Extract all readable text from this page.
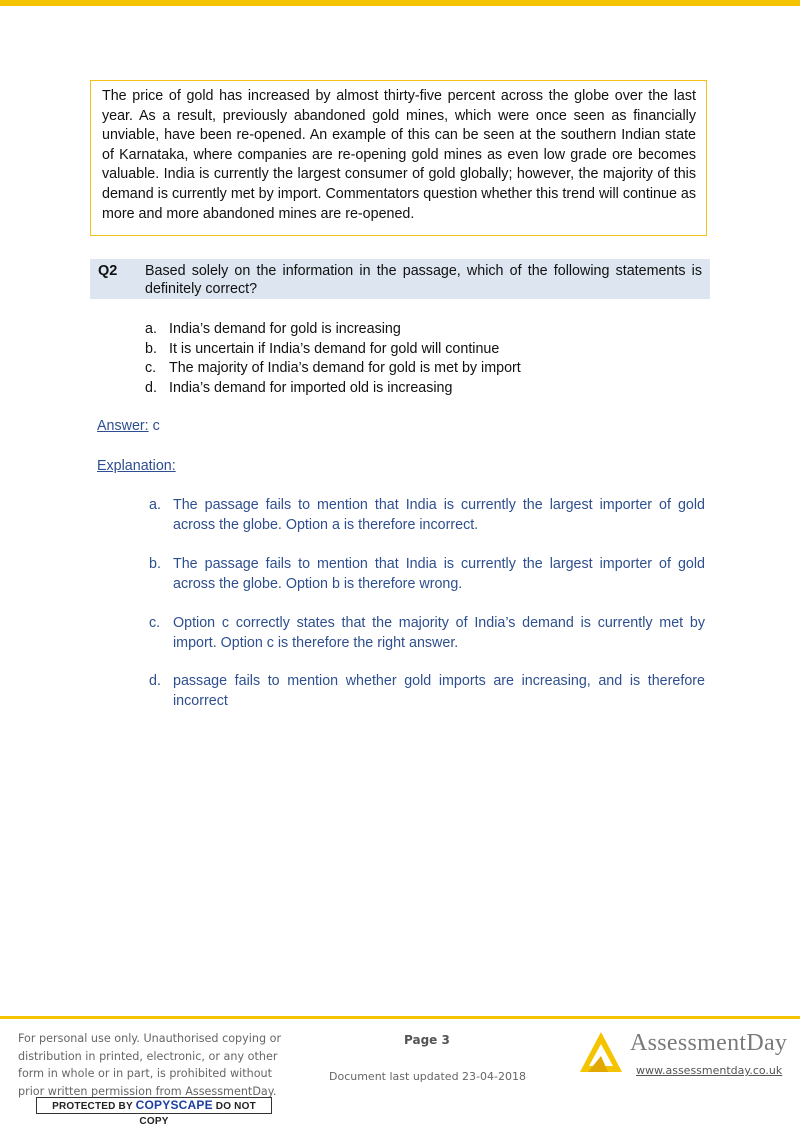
The price of gold has increased by almost thirty-five percent across the globe over the last year. As a result, previously abandoned gold mines, which were once seen as financially unviable, have been re-opened. An example of this can be seen at the southern Indian state of Karnataka, where companies are re-opening gold mines as even low grade ore becomes valuable. India is currently the largest consumer of gold globally; however, the majority of this demand is currently met by import. Commentators question whether this trend will continue as more and more abandoned mines are re-opened.

Q2 Based solely on the information in the passage, which of the following statements is definitely correct?
a. India’s demand for gold is increasing
b. It is uncertain if India’s demand for gold will continue
c. The majority of India’s demand for gold is met by import
d. India’s demand for imported old is increasing
Answer: c
Explanation:
a. The passage fails to mention that India is currently the largest importer of gold across the globe. Option a is therefore incorrect.
b. The passage fails to mention that India is currently the largest importer of gold across the globe. Option b is therefore wrong.
c. Option c correctly states that the majority of India’s demand is currently met by import. Option c is therefore the right answer.
d. passage fails to mention whether gold imports are increasing, and is therefore incorrect
For personal use only. Unauthorised copying or distribution in printed, electronic, or any other form in whole or in part, is prohibited without prior written permission from AssessmentDay.
PROTECTED BY COPYSCAPE DO NOT COPY
Page 3
Document last updated 23-04-2018
AssessmentDay
www.assessmentday.co.uk
